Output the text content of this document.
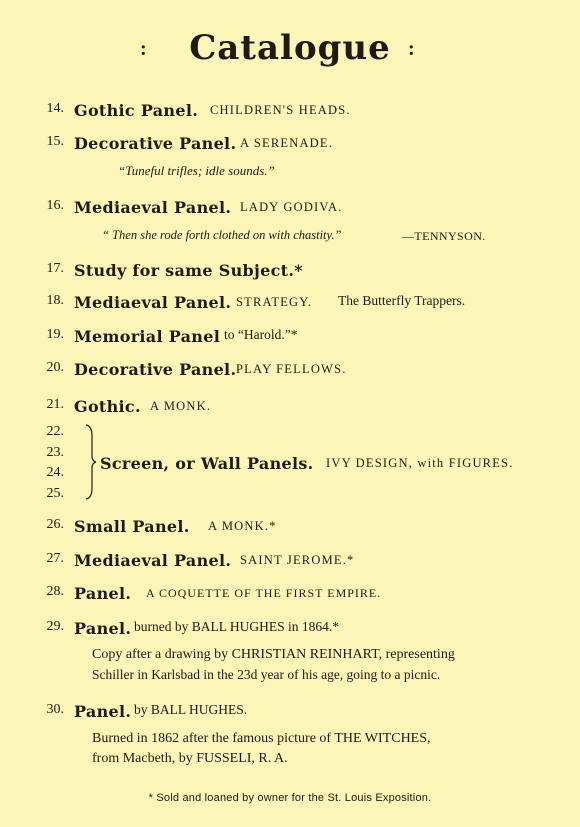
:	Catalogue :
14. Gothic Panel. CHILDREN'S HEADS.
15. Decorative Panel. A SERENADE.
“Tuneful trifles; idle sounds.”
16. Mediaeval Panel. LADY GODIVA.
“ Then she rode forth clothed on with chastity.”	—TENNYSON.
17. Study for same Subject.*
18. Mediaeval Panel. STRATEGY. The Butterfly Trappers.
19. Memorial Panel to “Harold.”*
20. Decorative Panel. PLAY FELLOWS.
21. Gothic. A MONK.
22.
23.
24.
25.
Screen, or Wall Panels. IVY DESIGN, with FIGURES.
26. Small Panel. A MONK.*
27. Mediaeval Panel. SAINT JEROME.*
28. Panel. A COQUETTE OF THE FIRST EMPIRE.
29. Panel. burned by BALL HUGHES in 1864.*
Copy after a drawing by CHRISTIAN REINHART, representing
Schiller in Karlsbad in the 23d year of his age, going to a picnic.
30. Panel. by BALL HUGHES.
Burned in 1862 after the famous picture of THE WITCHES,
from Macbeth, by FUSSELI, R. A.
* Sold and loaned by owner for the St. Louis Exposition.
